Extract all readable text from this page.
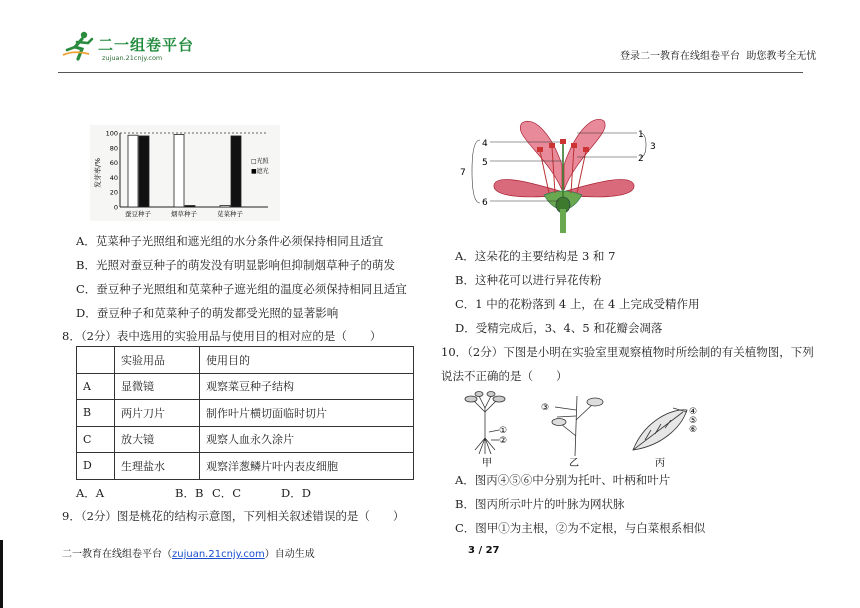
二一组卷平台
zujuan.21cnjy.com	登录二一教育在线组卷平台  助您教考全无忧
100
80
60
40
20
0
蚕豆种子	烟草种子	苋菜种子
发芽率/%	□光照
■遮光
A．苋菜种子光照组和遮光组的水分条件必须保持相同且适宜
B．光照对蚕豆种子的萌发没有明显影响但抑制烟草种子的萌发
C．蚕豆种子光照组和苋菜种子遮光组的温度必须保持相同且适宜
D．蚕豆种子和苋菜种子的萌发都受光照的显著影响
8．（2分）表中选用的实验用品与使用目的相对应的是（　　）
	实验用品	使用目的
A	显微镜	观察菜豆种子结构
B	两片刀片	制作叶片横切面临时切片
C	放大镜	观察人血永久涂片
D	生理盐水	观察洋葱鳞片叶内表皮细胞
A．A	B．B C．C	D．D
9．（2分）图是桃花的结构示意图，下列相关叙述错误的是（　　）
4
5
6
7
1
2
3
A．这朵花的主要结构是 3 和 7
B．这种花可以进行异花传粉
C．1 中的花粉落到 4 上，在 4 上完成受精作用
D．受精完成后，3、4、5 和花瓣会凋落
10．（2分）下图是小明在实验室里观察植物时所绘制的有关植物图，下列
说法不正确的是（　　）
①
②
甲
③
乙
④
⑤
⑥
丙
A．图丙④⑤⑥中分别为托叶、叶柄和叶片
B．图丙所示叶片的叶脉为网状脉
C．图甲①为主根，②为不定根，与白菜根系相似
二一教育在线组卷平台（zujuan.21cnjy.com）自动生成	3 / 27
